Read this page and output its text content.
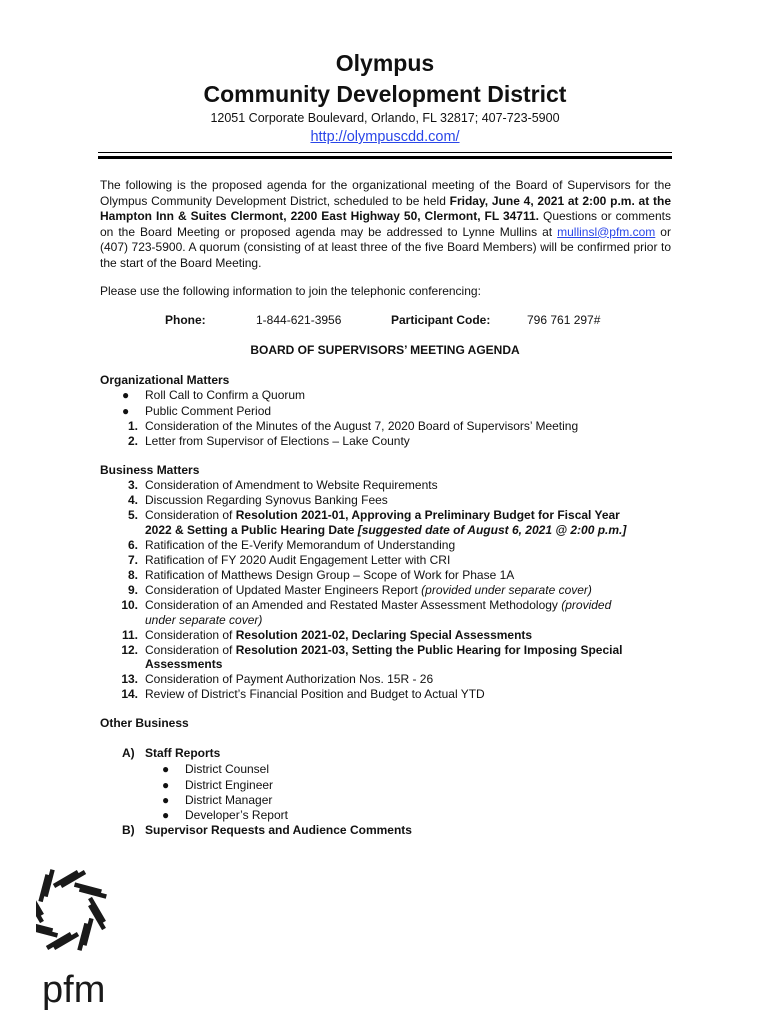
Olympus
Community Development District
12051 Corporate Boulevard, Orlando, FL 32817; 407-723-5900
http://olympuscdd.com/
The following is the proposed agenda for the organizational meeting of the Board of Supervisors for the Olympus Community Development District, scheduled to be held Friday, June 4, 2021 at 2:00 p.m. at the Hampton Inn & Suites Clermont, 2200 East Highway 50, Clermont, FL 34711. Questions or comments on the Board Meeting or proposed agenda may be addressed to Lynne Mullins at mullinsl@pfm.com or (407) 723-5900. A quorum (consisting of at least three of the five Board Members) will be confirmed prior to the start of the Board Meeting.
Please use the following information to join the telephonic conferencing:
Phone:	1-844-621-3956	Participant Code:	796 761 297#
BOARD OF SUPERVISORS’ MEETING AGENDA
Organizational Matters
● Roll Call to Confirm a Quorum
● Public Comment Period
1. Consideration of the Minutes of the August 7, 2020 Board of Supervisors’ Meeting
2. Letter from Supervisor of Elections – Lake County
Business Matters
3. Consideration of Amendment to Website Requirements
4. Discussion Regarding Synovus Banking Fees
5. Consideration of Resolution 2021-01, Approving a Preliminary Budget for Fiscal Year
2022 & Setting a Public Hearing Date [suggested date of August 6, 2021 @ 2:00 p.m.]
6. Ratification of the E-Verify Memorandum of Understanding
7. Ratification of FY 2020 Audit Engagement Letter with CRI
8. Ratification of Matthews Design Group – Scope of Work for Phase 1A
9. Consideration of Updated Master Engineers Report (provided under separate cover)
10. Consideration of an Amended and Restated Master Assessment Methodology (provided
under separate cover)
11. Consideration of Resolution 2021-02, Declaring Special Assessments
12. Consideration of Resolution 2021-03, Setting the Public Hearing for Imposing Special
Assessments
13. Consideration of Payment Authorization Nos. 15R - 26
14. Review of District’s Financial Position and Budget to Actual YTD
Other Business
A) Staff Reports
● District Counsel
● District Engineer
● District Manager
● Developer’s Report
B) Supervisor Requests and Audience Comments
pfm
